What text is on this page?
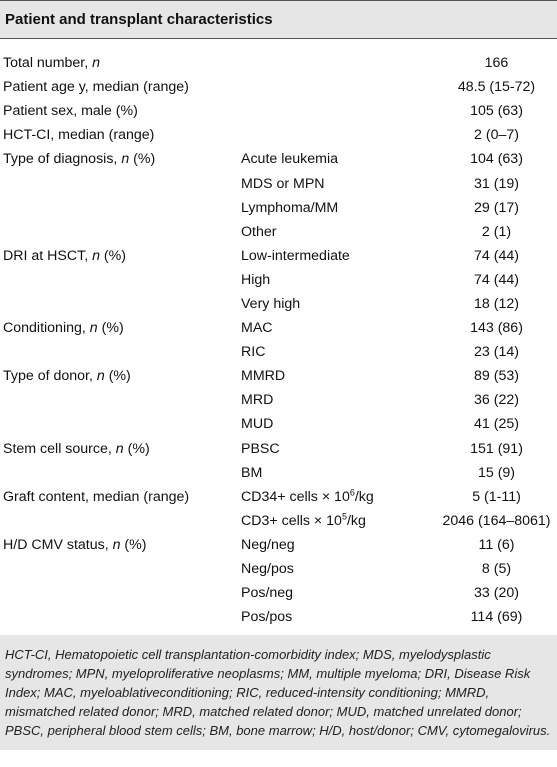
Patient and transplant characteristics
Total number, n		166
Patient age y, median (range)		48.5 (15-72)
Patient sex, male (%)		105 (63)
HCT-CI, median (range)		2 (0–7)
Type of diagnosis, n (%)	Acute leukemia	104 (63)
	MDS or MPN	31 (19)
	Lymphoma/MM	29 (17)
	Other	2 (1)
DRI at HSCT, n (%)	Low-intermediate	74 (44)
	High	74 (44)
	Very high	18 (12)
Conditioning, n (%)	MAC	143 (86)
	RIC	23 (14)
Type of donor, n (%)	MMRD	89 (53)
	MRD	36 (22)
	MUD	41 (25)
Stem cell source, n (%)	PBSC	151 (91)
	BM	15 (9)
Graft content, median (range)	CD34+ cells × $10^6/kg$	5 (1-11)
	CD3+ cells × $10^5/kg$	2046 (164–8061)
H/D CMV status, n (%)	Neg/neg	11 (6)
	Neg/pos	8 (5)
	Pos/neg	33 (20)
	Pos/pos	114 (69)
HCT-CI, Hematopoietic cell transplantation-comorbidity index; MDS, myelodysplastic syndromes; MPN, myeloproliferative neoplasms; MM, multiple myeloma; DRI, Disease Risk Index; MAC, myeloablativeconditioning; RIC, reduced-intensity conditioning; MMRD, mismatched related donor; MRD, matched related donor; MUD, matched unrelated donor; PBSC, peripheral blood stem cells; BM, bone marrow; H/D, host/donor; CMV, cytomegalovirus.
